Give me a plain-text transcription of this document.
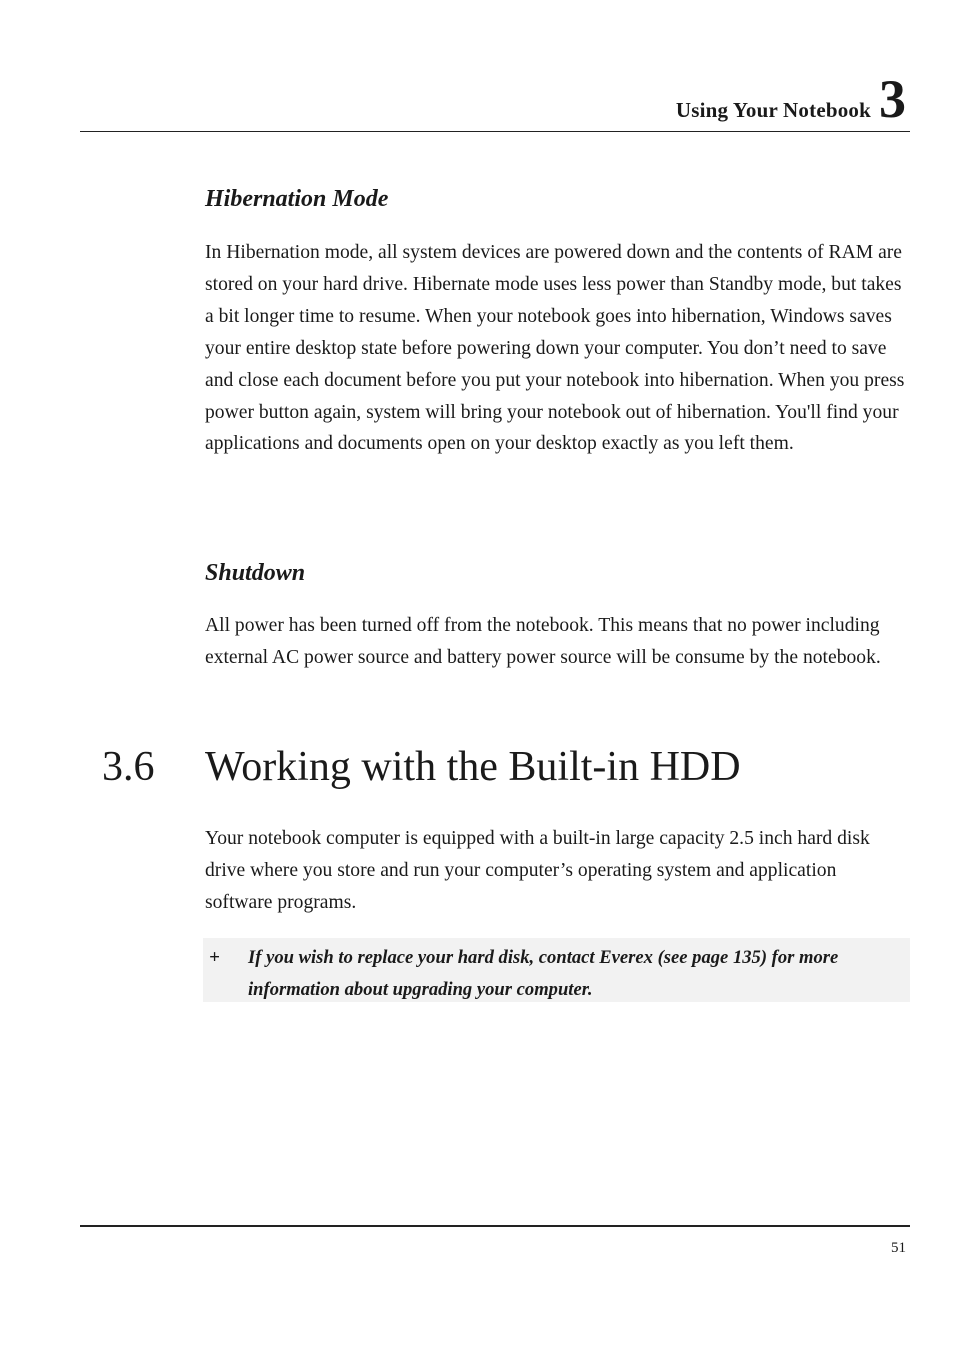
Using Your Notebook 3
Hibernation Mode

In Hibernation mode, all system devices are powered down and the contents of RAM are stored on your hard drive. Hibernate mode uses less power than Standby mode, but takes a bit longer time to resume. When your notebook goes into hibernation, Windows saves your entire desktop state before powering down your computer. You don’t need to save and close each document before you put your notebook into hibernation. When you press power button again, system will bring your notebook out of hibernation. You'll find your applications and documents open on your desktop exactly as you left them.

Shutdown

All power has been turned off from the notebook. This means that no power including external AC power source and battery power source will be consume by the notebook.

3.6 Working with the Built-in HDD

Your notebook computer is equipped with a built-in large capacity 2.5 inch hard disk drive where you store and run your computer’s operating system and application software programs.

+ If you wish to replace your hard disk, contact Everex (see page 135) for more information about upgrading your computer.

51
